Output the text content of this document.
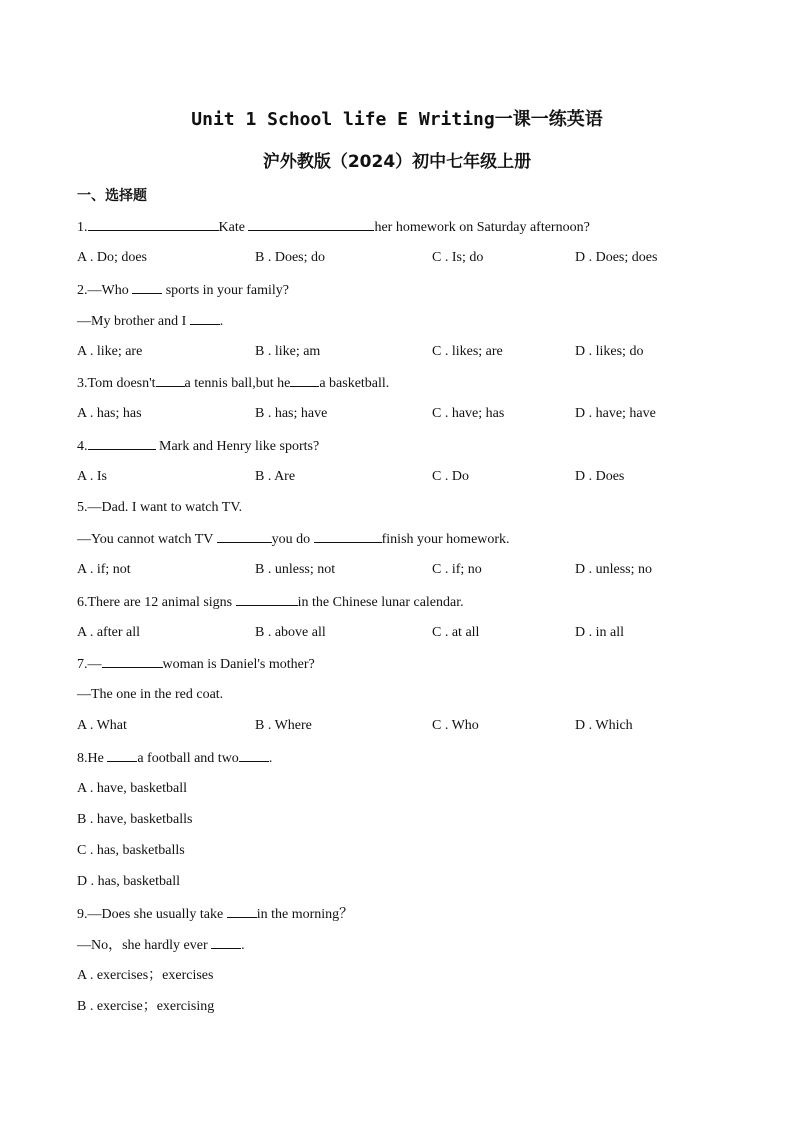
Unit 1 School life E Writing一课一练英语
沪外教版（2024）初中七年级上册
一、选择题
1.	Kate	her homework on Saturday afternoon?
A . Do; does	B . Does; do	C . Is; do	D . Does; does
2.—Who  sports in your family?
—My brother and I .
A . like; are	B . like; am	C . likes; are	D . likes; do
3.Tom doesn't a tennis ball,but he a basketball.
A . has; has	B . has; have	C . have; has	D . have; have
4.	Mark and Henry like sports?
A . Is	B . Are	C . Do	D . Does
5.—Dad. I want to watch TV.
—You cannot watch TV	you do	finish your homework.
A . if; not	B . unless; not	C . if; no	D . unless; no
6.There are 12 animal signs	in the Chinese lunar calendar.
A . after all	B . above all	C . at all	D . in all
7.—	woman is Daniel's mother?
—The one in the red coat.
A . What	B . Where	C . Who	D . Which
8.He a football and two .
A . have, basketball
B . have, basketballs
C . has, basketballs
D . has, basketball
9.—Does she usually take in the morning？
—No，she hardly ever .
A . exercises；exercises
B . exercise；exercising
